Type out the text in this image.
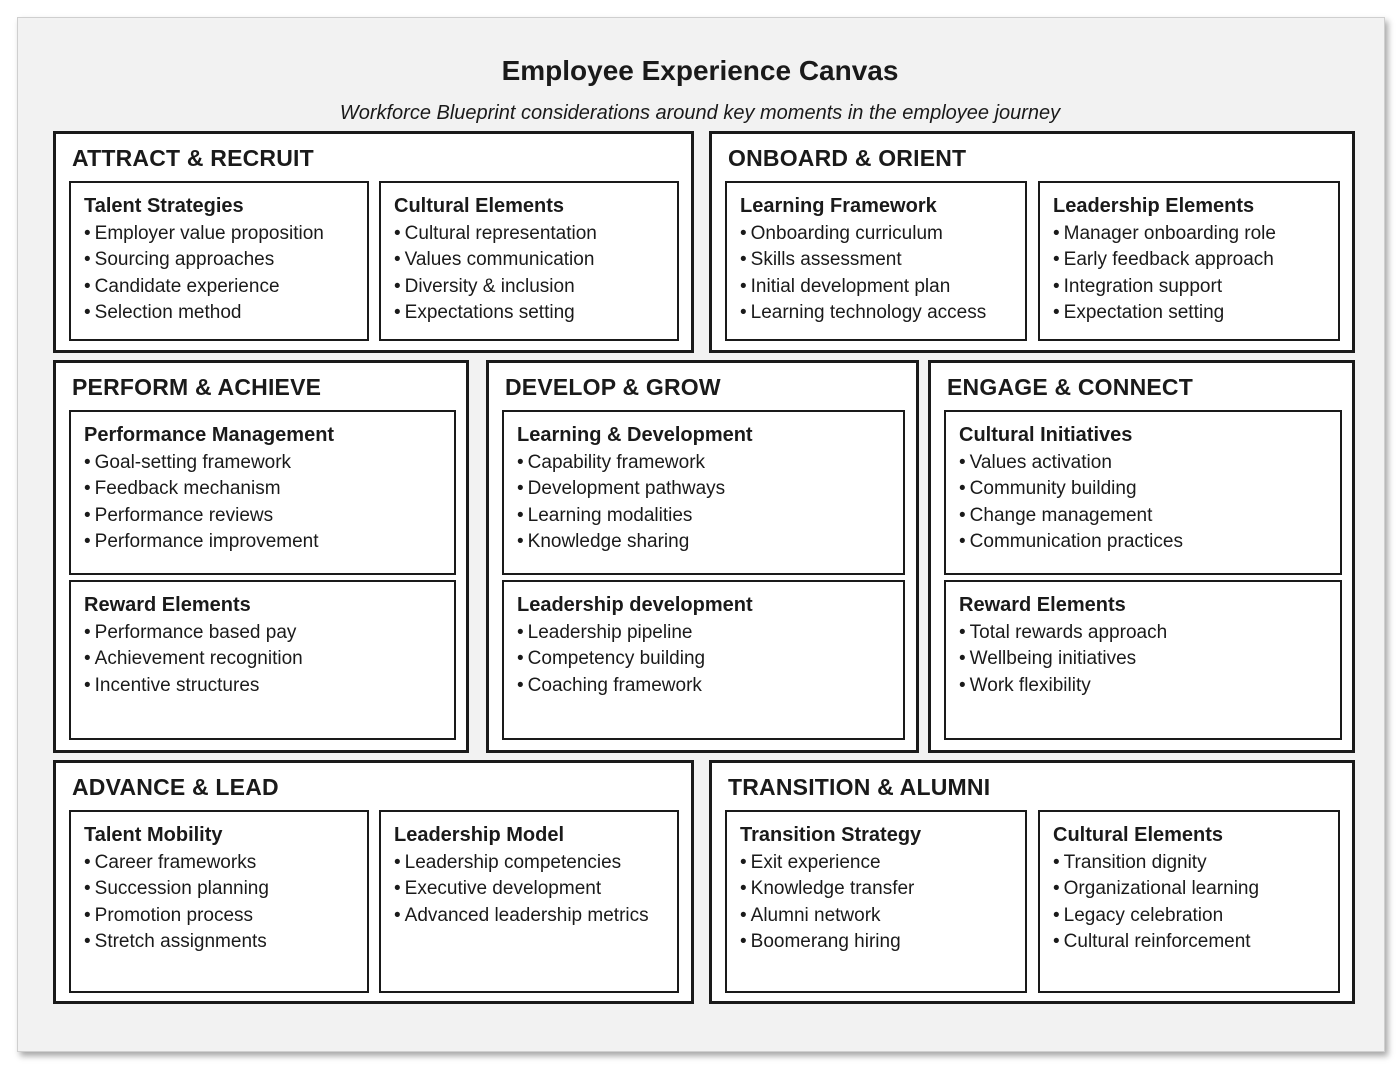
Employee Experience Canvas

Workforce Blueprint considerations around key moments in the employee journey

ATTRACT & RECRUIT
Talent Strategies
• Employer value proposition
• Sourcing approaches
• Candidate experience
• Selection method
Cultural Elements
• Cultural representation
• Values communication
• Diversity & inclusion
• Expectations setting
ONBOARD & ORIENT
Learning Framework
• Onboarding curriculum
• Skills assessment
• Initial development plan
• Learning technology access
Leadership Elements
• Manager onboarding role
• Early feedback approach
• Integration support
• Expectation setting
PERFORM & ACHIEVE
Performance Management
• Goal-setting framework
• Feedback mechanism
• Performance reviews
• Performance improvement
Reward Elements
• Performance based pay
• Achievement recognition
• Incentive structures
DEVELOP & GROW
Learning & Development
• Capability framework
• Development pathways
• Learning modalities
• Knowledge sharing
Leadership development
• Leadership pipeline
• Competency building
• Coaching framework
ENGAGE & CONNECT
Cultural Initiatives
• Values activation
• Community building
• Change management
• Communication practices
Reward Elements
• Total rewards approach
• Wellbeing initiatives
• Work flexibility
ADVANCE & LEAD
Talent Mobility
• Career frameworks
• Succession planning
• Promotion process
• Stretch assignments
Leadership Model
• Leadership competencies
• Executive development
• Advanced leadership metrics
TRANSITION & ALUMNI
Transition Strategy
• Exit experience
• Knowledge transfer
• Alumni network
• Boomerang hiring
Cultural Elements
• Transition dignity
• Organizational learning
• Legacy celebration
• Cultural reinforcement
